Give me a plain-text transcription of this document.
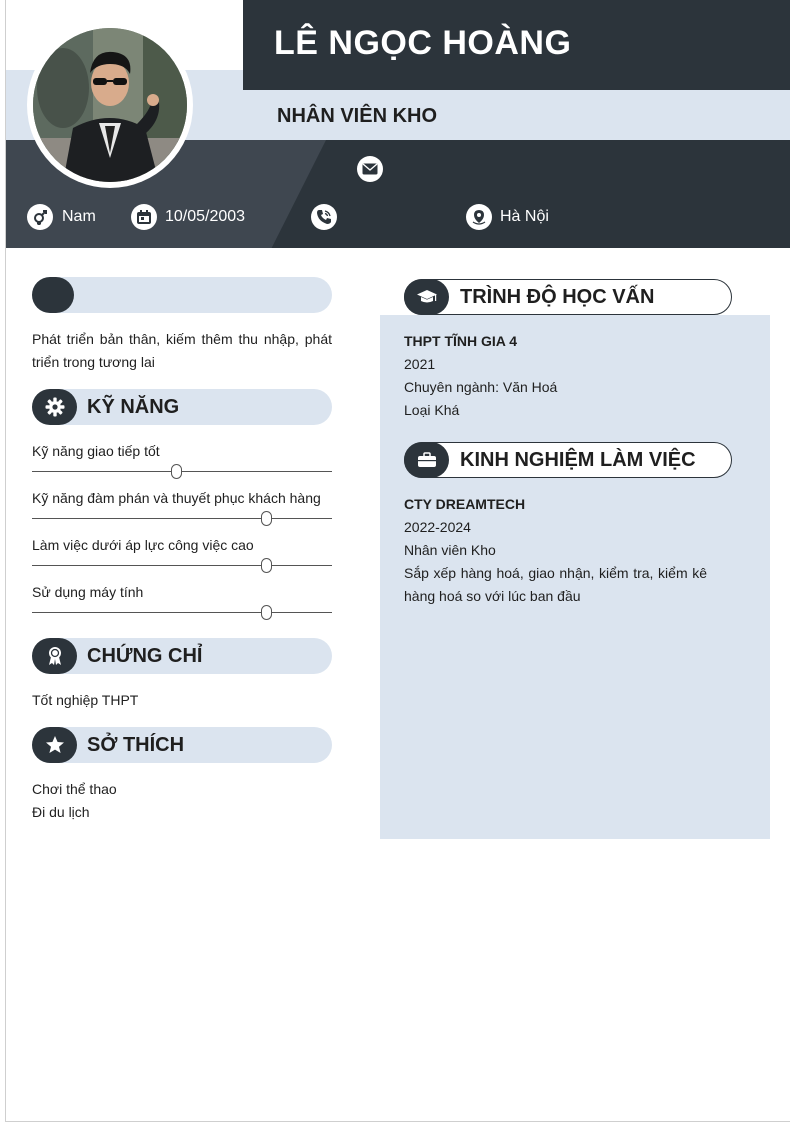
LÊ NGỌC HOÀNG
NHÂN VIÊN KHO
Nam	10/05/2003	Hà Nội
Phát triển bản thân, kiếm thêm thu nhập, phát triển trong tương lai
KỸ NĂNG
Kỹ năng giao tiếp tốt
Kỹ năng đàm phán và thuyết phục khách hàng
Làm việc dưới áp lực công việc cao
Sử dụng máy tính
CHỨNG CHỈ
Tốt nghiệp THPT
SỞ THÍCH
Chơi thể thao
Đi du lịch
TRÌNH ĐỘ HỌC VẤN
THPT TĨNH GIA 4
2021
Chuyên ngành: Văn Hoá
Loại Khá
KINH NGHIỆM LÀM VIỆC
CTY DREAMTECH
2022-2024
Nhân viên Kho
Sắp xếp hàng hoá, giao nhận, kiểm tra, kiểm kê hàng hoá so với lúc ban đầu
